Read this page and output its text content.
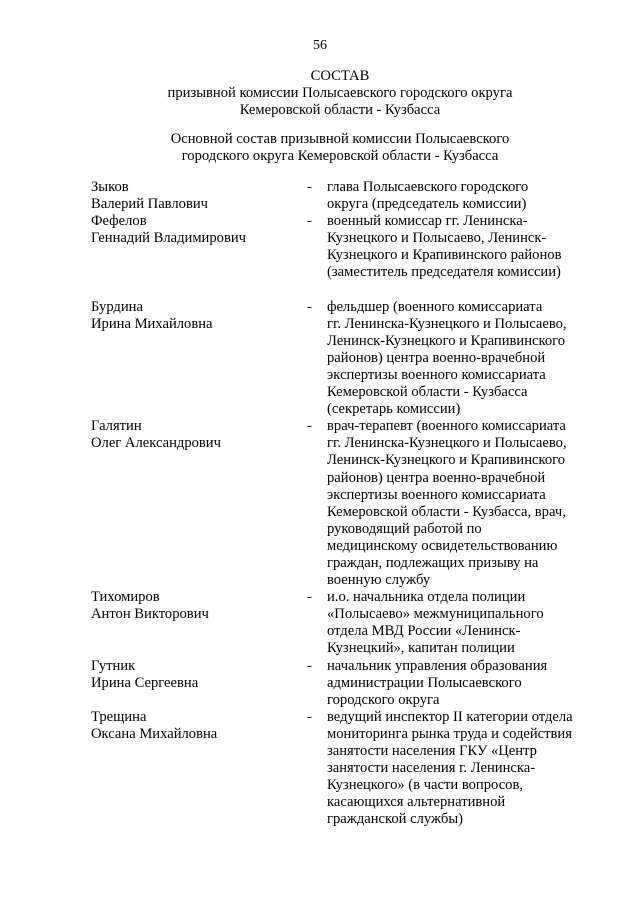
56
СОСТАВ
призывной комиссии Полысаевского городского округа
Кемеровской области - Кузбасса
Основной состав призывной комиссии Полысаевского
городского округа Кемеровской области - Кузбасса
Зыков
Валерий Павлович
-	глава Полысаевского городского
округа (председатель комиссии)
Фефелов
Геннадий Владимирович
-	военный комиссар гг. Ленинска-
Кузнецкого и Полысаево, Ленинск-
Кузнецкого и Крапивинского районов
(заместитель председателя комиссии)
Бурдина
Ирина Михайловна
-	фельдшер (военного комиссариата
гг. Ленинска-Кузнецкого и Полысаево,
Ленинск-Кузнецкого и Крапивинского
районов) центра военно-врачебной
экспертизы военного комиссариата
Кемеровской области - Кузбасса
(секретарь комиссии)
Галятин
Олег Александрович
-	врач-терапевт (военного комиссариата
гг. Ленинска-Кузнецкого и Полысаево,
Ленинск-Кузнецкого и Крапивинского
районов) центра военно-врачебной
экспертизы военного комиссариата
Кемеровской области - Кузбасса, врач,
руководящий работой по
медицинскому освидетельствованию
граждан, подлежащих призыву на
военную службу
Тихомиров
Антон Викторович
-	и.о. начальника отдела полиции
«Полысаево» межмуниципального
отдела МВД России «Ленинск-
Кузнецкий», капитан полиции
Гутник
Ирина Сергеевна
-	начальник управления образования
администрации Полысаевского
городского округа
Трещина
Оксана Михайловна
-	ведущий инспектор II категории отдела
мониторинга рынка труда и содействия
занятости населения ГКУ «Центр
занятости населения г. Ленинска-
Кузнецкого» (в части вопросов,
касающихся альтернативной
гражданской службы)
